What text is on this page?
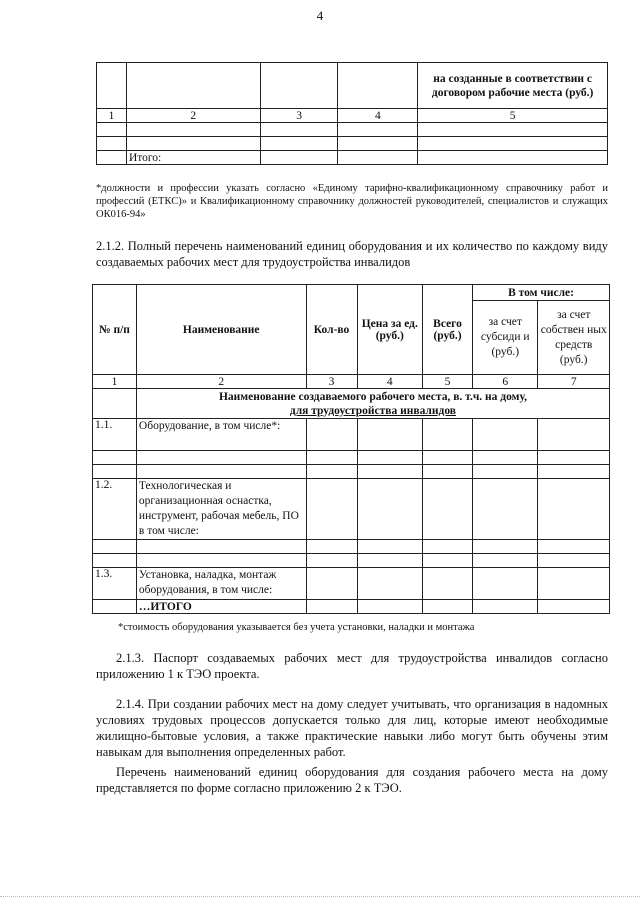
4
				на созданные в соответствии с договором рабочие места (руб.)
1	2	3	4	5

	Итого:			
*должности и профессии указать согласно «Единому тарифно-квалификационному справочнику работ и профессий (ЕТКС)» и Квалификационному справочнику должностей руководителей, специалистов и служащих ОК016-94»
2.1.2. Полный перечень наименований единиц оборудования и их количество по каждому виду создаваемых рабочих мест для трудоустройства инвалидов
№ п/п	Наименование	Кол-во	Цена за ед. (руб.)	Всего (руб.)	В том числе:	
					за счет субсиди и (руб.)	за счет собствен ных средств (руб.)
1	2	3	4	5	6	7
	Наименование создаваемого рабочего места, в. т.ч. на дому,
для трудоустройства инвалидов					
1.1.	Оборудование, в том числе*:					

1.2.	Технологическая и организационная оснастка, инструмент, рабочая мебель, ПО в том числе:					

1.3.	Установка, наладка, монтаж оборудования, в том числе:					
	…ИТОГО					
*стоимость оборудования указывается без учета установки, наладки и монтажа
2.1.3. Паспорт создаваемых рабочих мест для трудоустройства инвалидов согласно приложению 1 к ТЭО проекта.
2.1.4. При создании рабочих мест на дому следует учитывать, что организация в надомных условиях трудовых процессов допускается только для лиц, которые имеют необходимые жилищно-бытовые условия, а также практические навыки либо могут быть обучены этим навыкам для выполнения определенных работ.
Перечень наименований единиц оборудования для создания рабочего места на дому представляется по форме согласно приложению 2 к ТЭО.
